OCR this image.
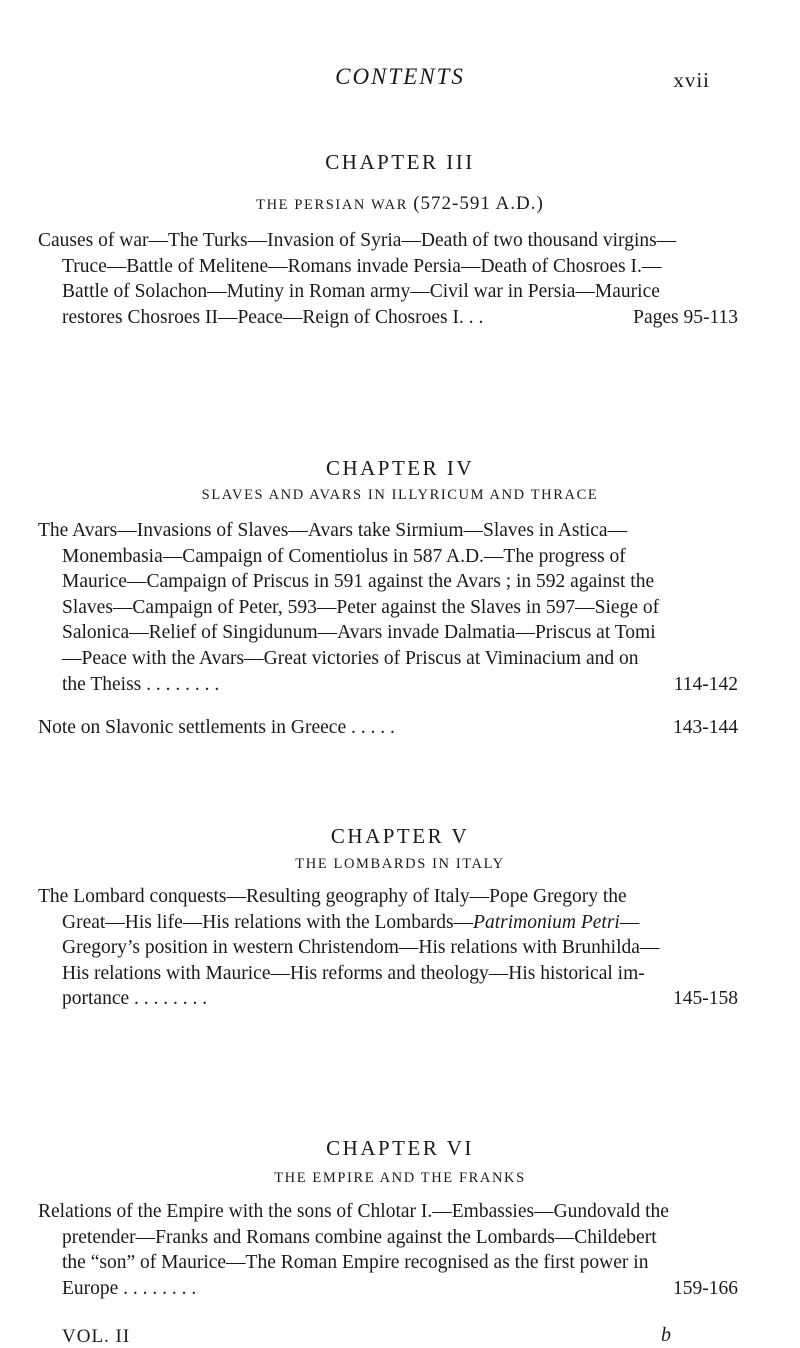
CONTENTS	xvii
CHAPTER III
THE PERSIAN WAR (572-591 A.D.)
Causes of war—The Turks—Invasion of Syria—Death of two thousand virgins—
Truce—Battle of Melitene—Romans invade Persia—Death of Chosroes I.—
Battle of Solachon—Mutiny in Roman army—Civil war in Persia—Maurice
restores Chosroes II—Peace—Reign of Chosroes I. . .	Pages 95-113
CHAPTER IV
SLAVES AND AVARS IN ILLYRICUM AND THRACE
The Avars—Invasions of Slaves—Avars take Sirmium—Slaves in Astica—
Monembasia—Campaign of Comentiolus in 587 A.D.—The progress of
Maurice—Campaign of Priscus in 591 against the Avars ; in 592 against the
Slaves—Campaign of Peter, 593—Peter against the Slaves in 597—Siege of
Salonica—Relief of Singidunum—Avars invade Dalmatia—Priscus at Tomi
—Peace with the Avars—Great victories of Priscus at Viminacium and on
the Theiss . . . . . . . .	114-142
Note on Slavonic settlements in Greece . . . . .	143-144
CHAPTER V
THE LOMBARDS IN ITALY
The Lombard conquests—Resulting geography of Italy—Pope Gregory the
Great—His life—His relations with the Lombards—Patrimonium Petri—
Gregory’s position in western Christendom—His relations with Brunhilda—
His relations with Maurice—His reforms and theology—His historical im-
portance . . . . . . . .	145-158
CHAPTER VI
THE EMPIRE AND THE FRANKS
Relations of the Empire with the sons of Chlotar I.—Embassies—Gundovald the
pretender—Franks and Romans combine against the Lombards—Childebert
the “son” of Maurice—The Roman Empire recognised as the first power in
Europe . . . . . . . .	159-166
VOL. II	b
